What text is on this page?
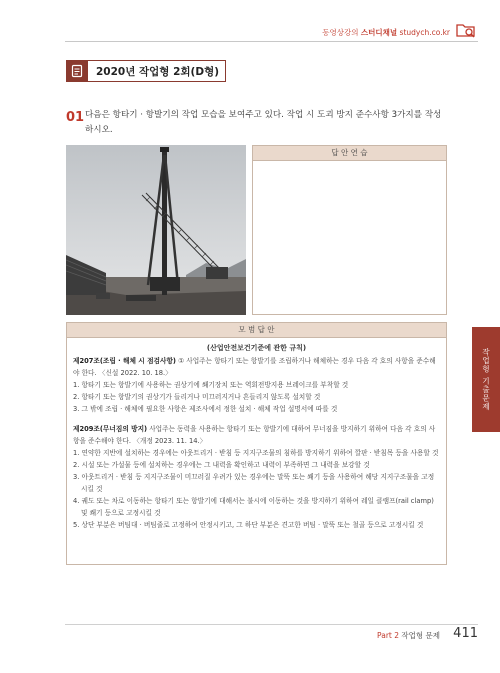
동영상강의 스터디채널 studych.co.kr
2020년 작업형 2회(D형)
01 다음은 항타기 · 항발기의 작업 모습을 보여주고 있다. 작업 시 도괴 방지 준수사항 3가지를 작성하시오.
답 안 연 습
모 범 답 안

(산업안전보건기준에 관한 규칙)

제207조(조립 · 해체 시 점검사항) ① 사업주는 항타기 또는 항발기를 조립하거나 해체하는 경우 다음 각 호의 사항을 준수해야 한다. 〈신설 2022. 10. 18.〉

1. 항타기 또는 항발기에 사용하는 권상기에 쐐기장치 또는 역회전방지용 브레이크를 부착할 것

2. 항타기 또는 항발기의 권상기가 들리거나 미끄러지거나 흔들리지 않도록 설치할 것

3. 그 밖에 조립 · 해체에 필요한 사항은 제조사에서 정한 설치 · 해체 작업 설명서에 따를 것

제209조(무너짐의 방지) 사업주는 동력을 사용하는 항타기 또는 항발기에 대하여 무너짐을 방지하기 위하여 다음 각 호의 사항을 준수해야 한다. 〈개정 2023. 11. 14.〉

1. 연약한 지반에 설치하는 경우에는 아웃트리거 · 받침 등 지지구조물의 침하를 방지하기 위하여 깔판 · 받침목 등을 사용할 것

2. 시설 또는 가설물 등에 설치하는 경우에는 그 내력을 확인하고 내력이 부족하면 그 내력을 보강할 것

3. 아웃트리거 · 받침 등 지지구조물이 미끄러질 우려가 있는 경우에는 말뚝 또는 쐐기 등을 사용하여 해당 지지구조물을 고정시킬 것

4. 궤도 또는 차로 이동하는 항타기 또는 항발기에 대해서는 불시에 이동하는 것을 방지하기 위하여 레일 클램프(rail clamp) 및 쐐기 등으로 고정시킬 것

5. 상단 부분은 버팀대 · 버팀줄로 고정하여 안정시키고, 그 하단 부분은 견고한 버팀 · 말뚝 또는 철골 등으로 고정시킬 것

작업형 기출문제
Part 2 작업형 문제 411
